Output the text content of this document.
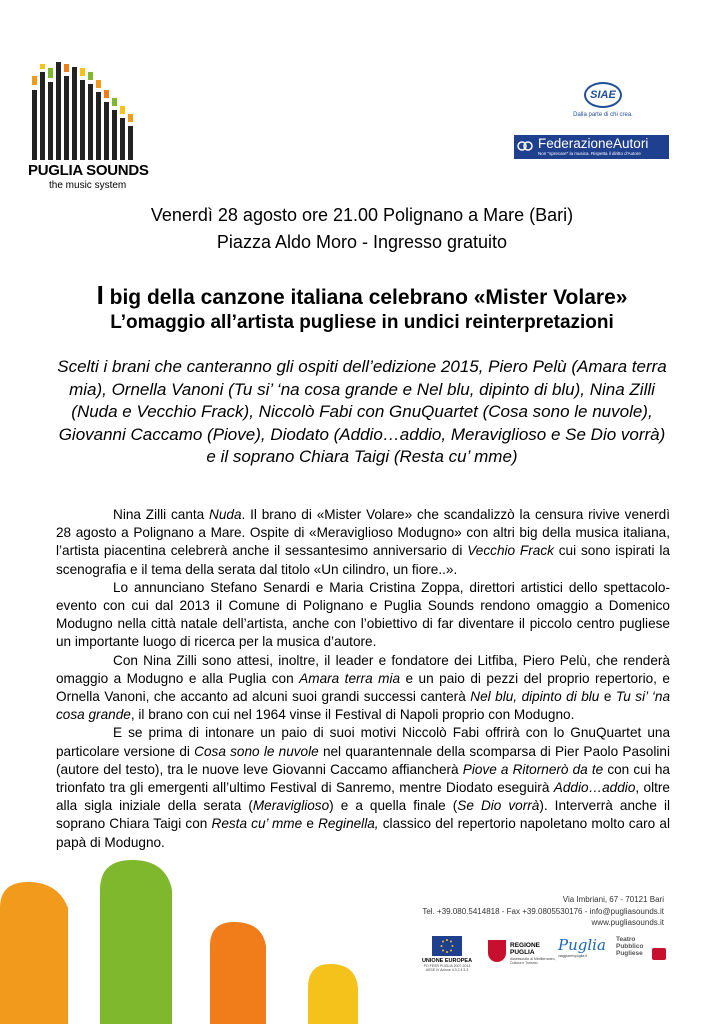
PUGLIA SOUNDS
the music system
SIAE
Dalla parte di chi crea.
FederazioneAutori
Non "sprecare" la musica. Rispetta il diritto d'Autore
Venerdì 28 agosto ore 21.00 Polignano a Mare (Bari)
Piazza Aldo Moro - Ingresso gratuito
I big della canzone italiana celebrano «Mister Volare»
L’omaggio all’artista pugliese in undici reinterpretazioni
Scelti i brani che canteranno gli ospiti dell’edizione 2015, Piero Pelù (Amara terra mia), Ornella Vanoni (Tu si’ ‘na cosa grande e Nel blu, dipinto di blu), Nina Zilli (Nuda e Vecchio Frack), Niccolò Fabi con GnuQuartet (Cosa sono le nuvole), Giovanni Caccamo (Piove), Diodato (Addio…addio, Meraviglioso e Se Dio vorrà) e il soprano Chiara Taigi (Resta cu’ mme)

Nina Zilli canta Nuda. Il brano di «Mister Volare» che scandalizzò la censura rivive venerdì 28 agosto a Polignano a Mare. Ospite di «Meraviglioso Modugno» con altri big della musica italiana, l’artista piacentina celebrerà anche il sessantesimo anniversario di Vecchio Frack cui sono ispirati la scenografia e il tema della serata dal titolo «Un cilindro, un fiore..».

Lo annunciano Stefano Senardi e Maria Cristina Zoppa, direttori artistici dello spettacolo-evento con cui dal 2013 il Comune di Polignano e Puglia Sounds rendono omaggio a Domenico Modugno nella città natale dell’artista, anche con l’obiettivo di far diventare il piccolo centro pugliese un importante luogo di ricerca per la musica d’autore.

Con Nina Zilli sono attesi, inoltre, il leader e fondatore dei Litfiba, Piero Pelù, che renderà omaggio a Modugno e alla Puglia con Amara terra mia e un paio di pezzi del proprio repertorio, e Ornella Vanoni, che accanto ad alcuni suoi grandi successi canterà Nel blu, dipinto di blu e Tu si’ ‘na cosa grande, il brano con cui nel 1964 vinse il Festival di Napoli proprio con Modugno.

E se prima di intonare un paio di suoi motivi Niccolò Fabi offrirà con lo GnuQuartet una particolare versione di Cosa sono le nuvole nel quarantennale della scomparsa di Pier Paolo Pasolini (autore del testo), tra le nuove leve Giovanni Caccamo affiancherà Piove a Ritornerò da te con cui ha trionfato tra gli emergenti all’ultimo Festival di Sanremo, mentre Diodato eseguirà Addio…addio, oltre alla sigla iniziale della serata (Meraviglioso) e a quella finale (Se Dio vorrà). Interverrà anche il soprano Chiara Taigi con Resta cu’ mme e Reginella, classico del repertorio napoletano molto caro al papà di Modugno.

Via Imbriani, 67 - 70121 Bari
Tel. +39.080.5414818 - Fax +39.0805530176 - info@pugliasounds.it
www.pugliasounds.it
UNIONE EUROPEA
PO FESR PUGLIA 2007-2013 ASSE IV Azione 4.3.2 4.3.3
REGIONE
PUGLIA
Assessorato al Mediterraneo,
Cultura e Turismo
Puglia
viaggiareinpuglia.it
Teatro
Pubblico
Pugliese
